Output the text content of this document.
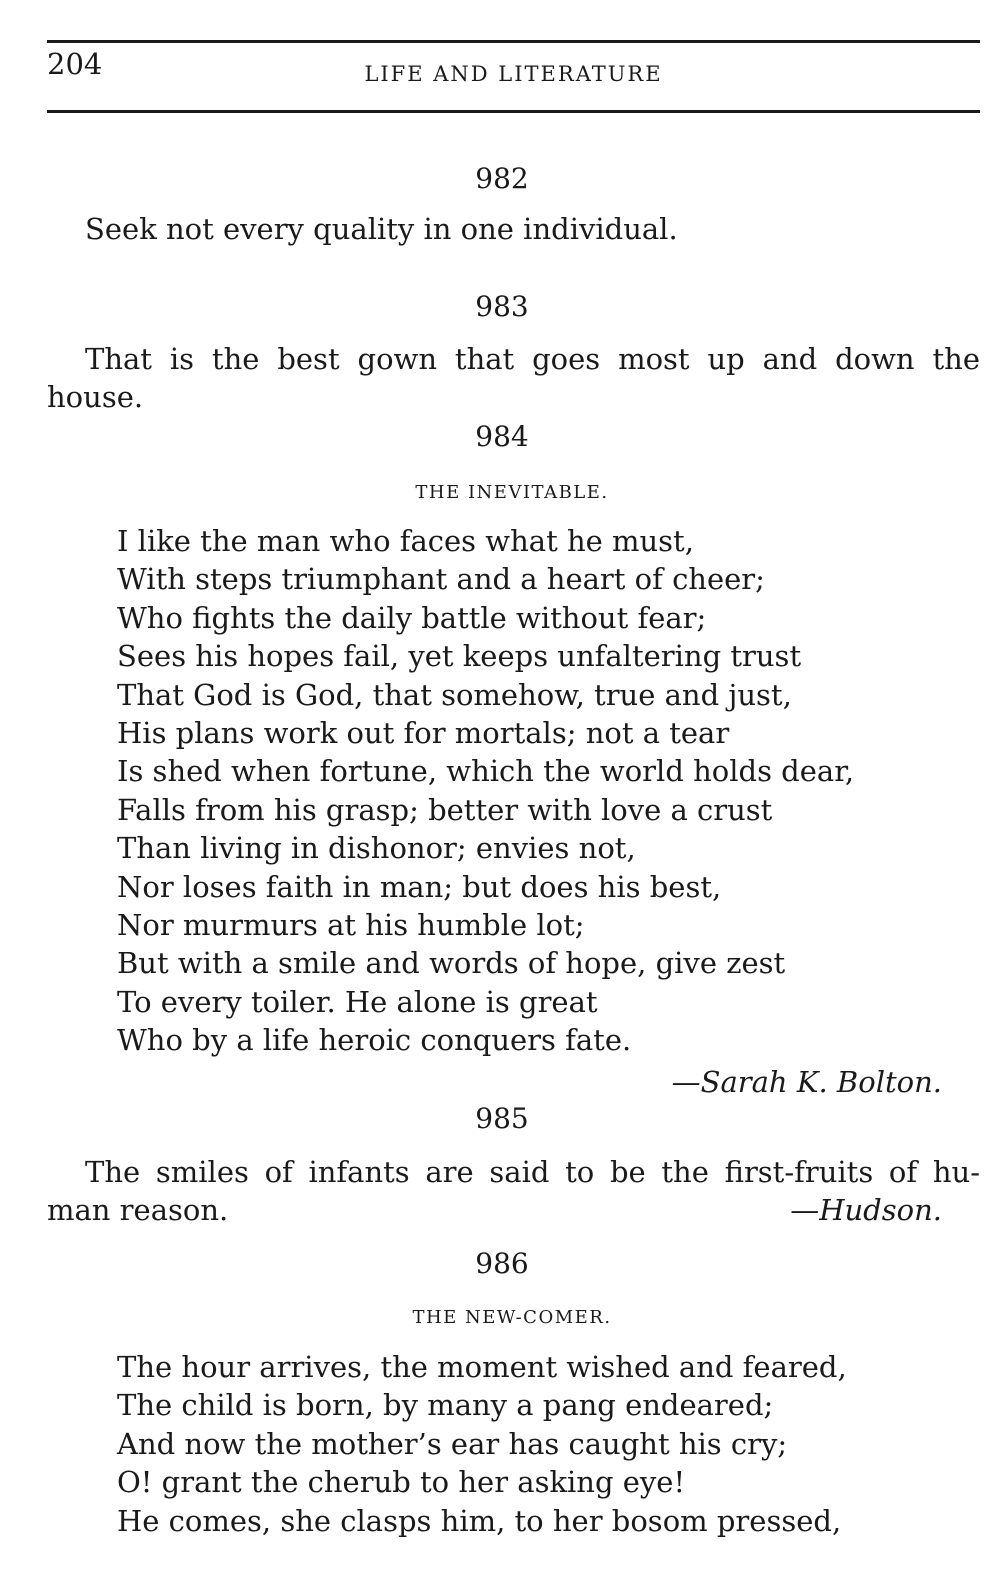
204	LIFE AND LITERATURE
982

Seek not every quality in one individual.

983

That is the best gown that goes most up and down the
house.

984
THE INEVITABLE.
I like the man who faces what he must,
With steps triumphant and a heart of cheer;
Who fights the daily battle without fear;
Sees his hopes fail, yet keeps unfaltering trust
That God is God, that somehow, true and just,
His plans work out for mortals; not a tear
Is shed when fortune, which the world holds dear,
Falls from his grasp; better with love a crust
Than living in dishonor; envies not,
Nor loses faith in man; but does his best,
Nor murmurs at his humble lot;
But with a smile and words of hope, give zest
To every toiler. He alone is great
Who by a life heroic conquers fate.
—Sarah K. Bolton.
985

The smiles of infants are said to be the first-fruits of hu-
man reason.	—Hudson.
986
THE NEW-COMER.
The hour arrives, the moment wished and feared,
The child is born, by many a pang endeared;
And now the mother’s ear has caught his cry;
O! grant the cherub to her asking eye!
He comes, she clasps him, to her bosom pressed,
